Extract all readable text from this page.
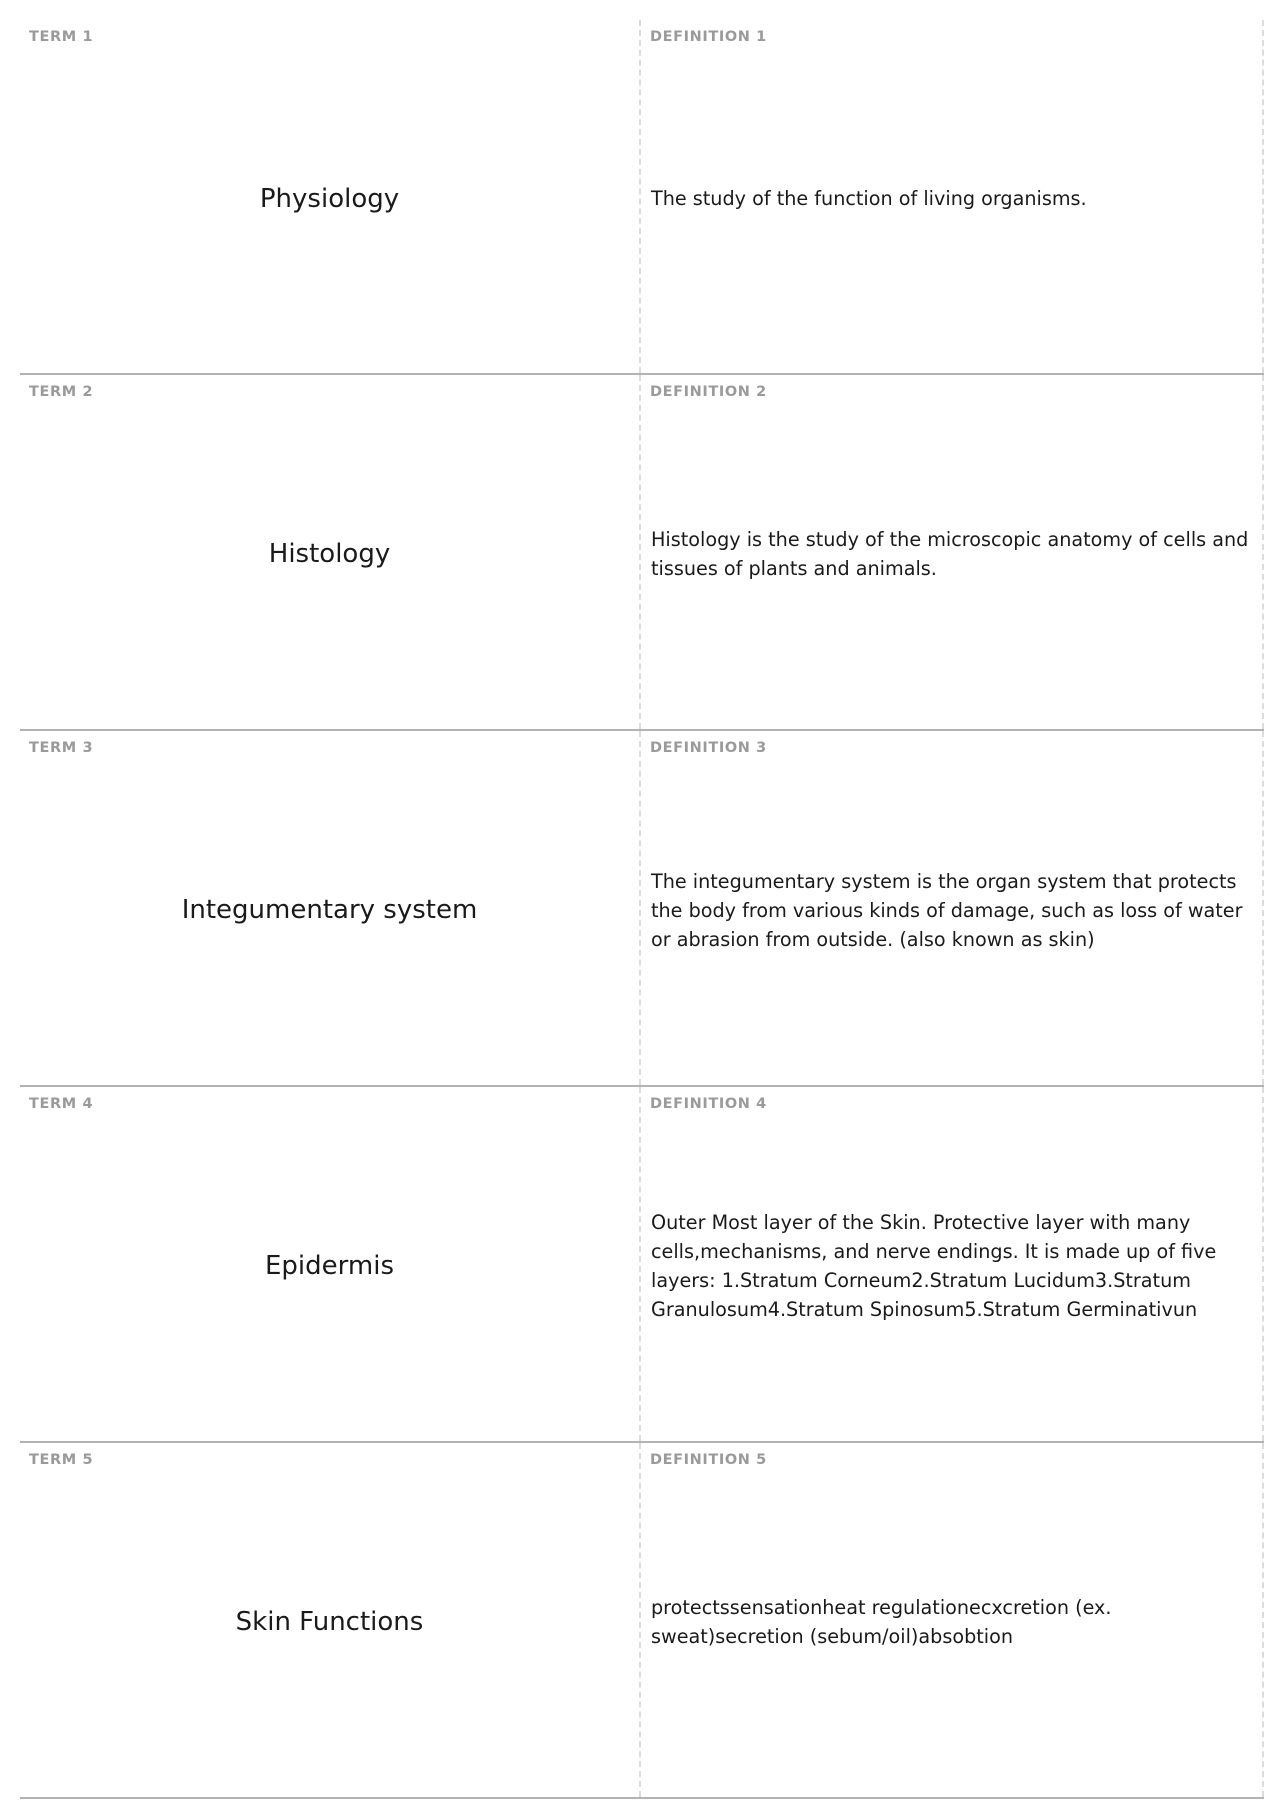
TERM 1
Physiology
DEFINITION 1
The study of the function of living organisms.
TERM 2
Histology
DEFINITION 2
Histology is the study of the microscopic anatomy of cells and tissues of plants and animals.
TERM 3
Integumentary system
DEFINITION 3
The integumentary system is the organ system that protects the body from various kinds of damage, such as loss of water or abrasion from outside. (also known as skin)
TERM 4
Epidermis
DEFINITION 4
Outer Most layer of the Skin. Protective layer with many cells,mechanisms, and nerve endings. It is made up of five layers: 1.Stratum Corneum2.Stratum Lucidum3.Stratum Granulosum4.Stratum Spinosum5.Stratum Germinativun
TERM 5
Skin Functions
DEFINITION 5
protectssensationheat regulationecxcretion (ex. sweat)secretion (sebum/oil)absobtion
